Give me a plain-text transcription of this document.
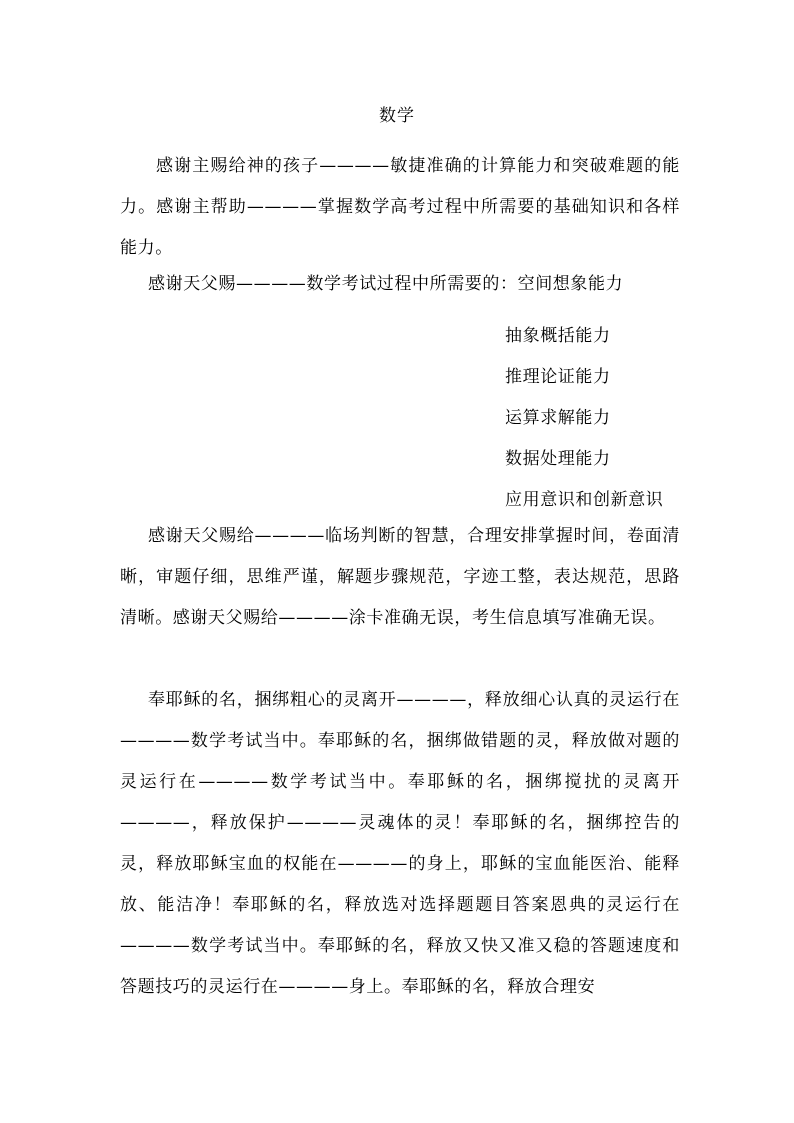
数学

感谢主赐给神的孩子————敏捷准确的计算能力和突破难题的能力。感谢主帮助————掌握数学高考过程中所需要的基础知识和各样能力。

感谢天父赐————数学考试过程中所需要的：空间想象能力

抽象概括能力
推理论证能力
运算求解能力
数据处理能力
应用意识和创新意识

感谢天父赐给————临场判断的智慧，合理安排掌握时间，卷面清晰，审题仔细，思维严谨，解题步骤规范，字迹工整，表达规范，思路清晰。感谢天父赐给————涂卡准确无误，考生信息填写准确无误。

奉耶稣的名，捆绑粗心的灵离开————，释放细心认真的灵运行在————数学考试当中。奉耶稣的名，捆绑做错题的灵，释放做对题的灵运行在————数学考试当中。奉耶稣的名，捆绑搅扰的灵离开————，释放保护————灵魂体的灵！奉耶稣的名，捆绑控告的灵，释放耶稣宝血的权能在————的身上，耶稣的宝血能医治、能释放、能洁净！奉耶稣的名，释放选对选择题题目答案恩典的灵运行在————数学考试当中。奉耶稣的名，释放又快又准又稳的答题速度和答题技巧的灵运行在————身上。奉耶稣的名，释放合理安
